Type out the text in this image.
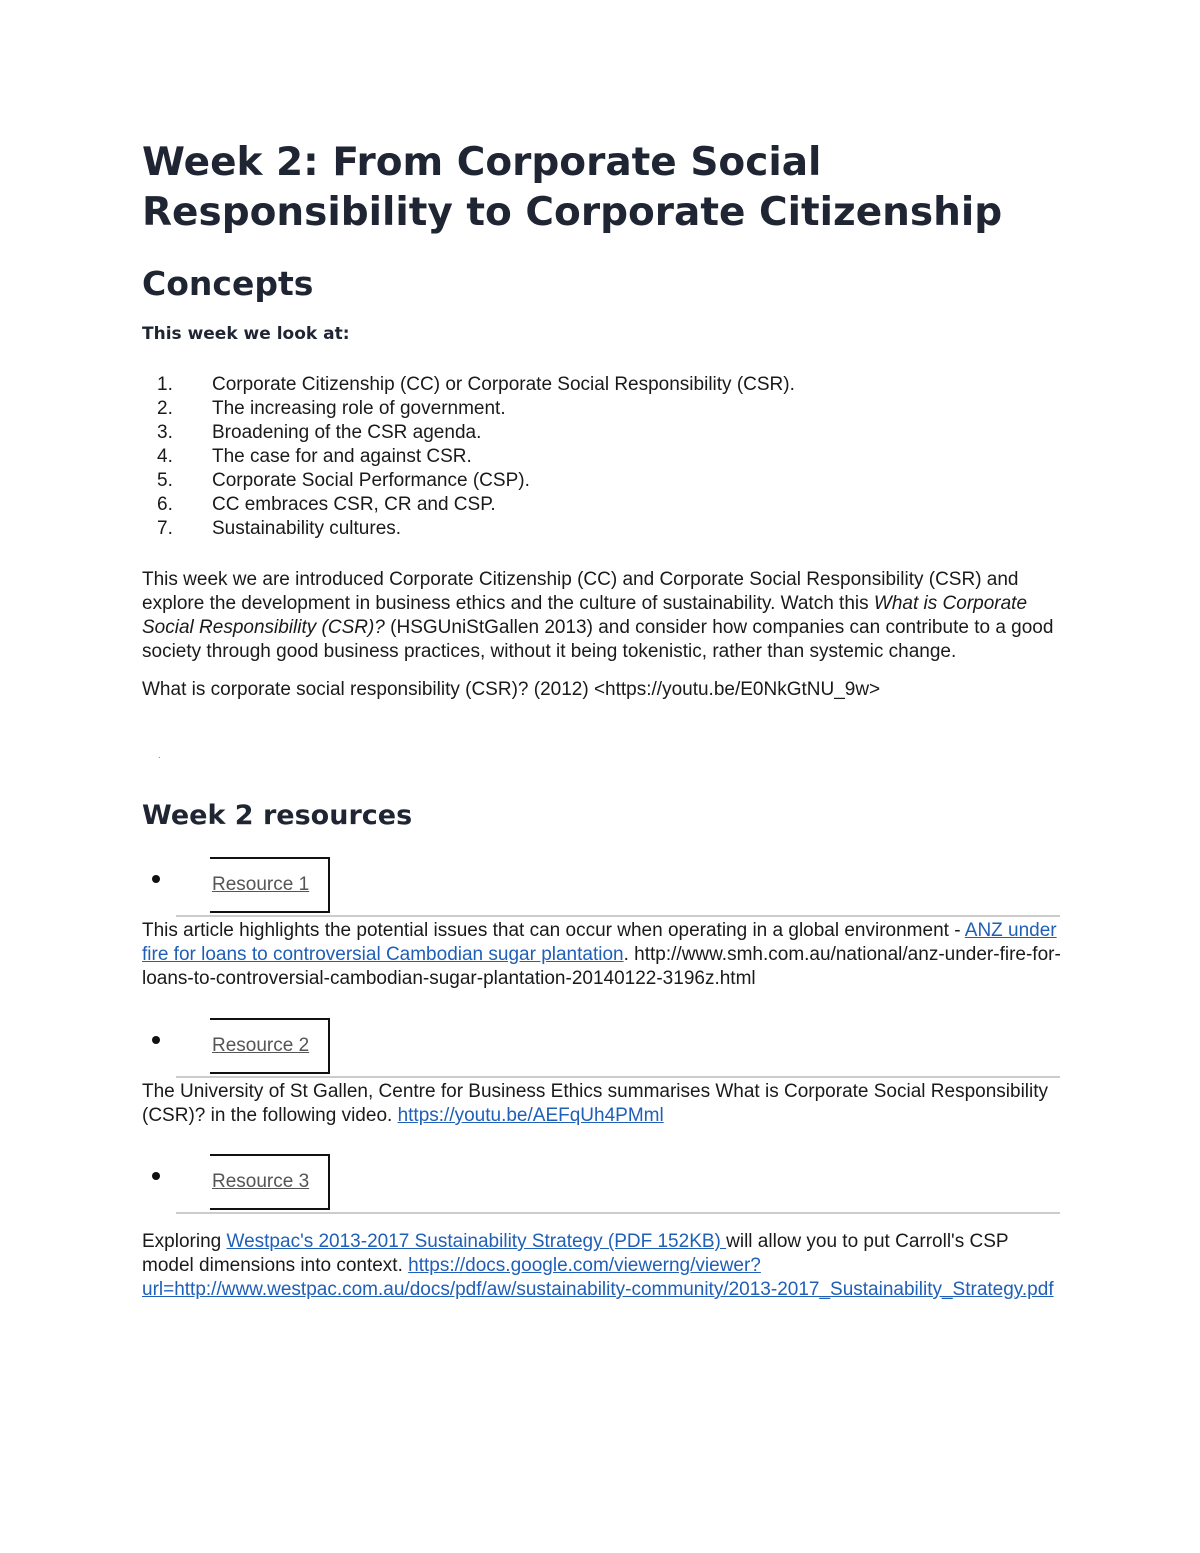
Week 2: From Corporate Social
Responsibility to Corporate Citizenship
Concepts

This week we look at:

1. Corporate Citizenship (CC) or Corporate Social Responsibility (CSR).
2. The increasing role of government.
3. Broadening of the CSR agenda.
4. The case for and against CSR.
5. Corporate Social Performance (CSP).
6. CC embraces CSR, CR and CSP.
7. Sustainability cultures.

This week we are introduced Corporate Citizenship (CC) and Corporate Social Responsibility (CSR) and explore the development in business ethics and the culture of sustainability. Watch this What is Corporate Social Responsibility (CSR)? (HSGUniStGallen 2013) and consider how companies can contribute to a good society through good business practices, without it being tokenistic, rather than systemic change.

What is corporate social responsibility (CSR)? (2012) <https://youtu.be/E0NkGtNU_9w>

.
Week 2 resources
Resource 1

This article highlights the potential issues that can occur when operating in a global environment - ANZ under fire for loans to controversial Cambodian sugar plantation. http://www.smh.com.au/national/anz-under-fire-for-loans-to-controversial-cambodian-sugar-plantation-20140122-3196z.html

Resource 2

The University of St Gallen, Centre for Business Ethics summarises What is Corporate Social Responsibility (CSR)? in the following video. https://youtu.be/AEFqUh4PMml

Resource 3

Exploring Westpac's 2013-2017 Sustainability Strategy (PDF 152KB) will allow you to put Carroll's CSP model dimensions into context. https://docs.google.com/viewerng/viewer?url=http://www.westpac.com.au/docs/pdf/aw/sustainability-community/2013-2017_Sustainability_Strategy.pdf
